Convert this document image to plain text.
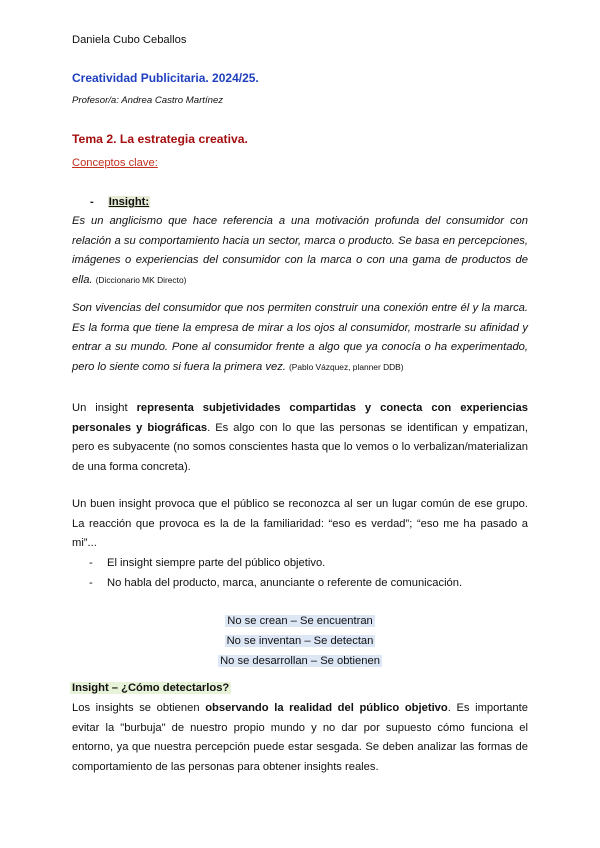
Daniela Cubo Ceballos
Creatividad Publicitaria. 2024/25.
Profesor/a: Andrea Castro Martínez
Tema 2. La estrategia creativa.
Conceptos clave:
- Insight:
Es un anglicismo que hace referencia a una motivación profunda del consumidor con relación a su comportamiento hacia un sector, marca o producto. Se basa en percepciones, imágenes o experiencias del consumidor con la marca o con una gama de productos de ella. (Diccionario MK Directo)
Son vivencias del consumidor que nos permiten construir una conexión entre él y la marca. Es la forma que tiene la empresa de mirar a los ojos al consumidor, mostrarle su afinidad y entrar a su mundo. Pone al consumidor frente a algo que ya conocía o ha experimentado, pero lo siente como si fuera la primera vez. (Pablo Vázquez, planner DDB)
Un insight representa subjetividades compartidas y conecta con experiencias personales y biográficas. Es algo con lo que las personas se identifican y empatizan, pero es subyacente (no somos conscientes hasta que lo vemos o lo verbalizan/materializan de una forma concreta).
Un buen insight provoca que el público se reconozca al ser un lugar común de ese grupo. La reacción que provoca es la de la familiaridad: “eso es verdad”; “eso me ha pasado a mi”...
- El insight siempre parte del público objetivo.
- No habla del producto, marca, anunciante o referente de comunicación.
No se crean – Se encuentran
No se inventan – Se detectan
No se desarrollan – Se obtienen
Insight – ¿Cómo detectarlos?
Los insights se obtienen observando la realidad del público objetivo. Es importante evitar la "burbuja" de nuestro propio mundo y no dar por supuesto cómo funciona el entorno, ya que nuestra percepción puede estar sesgada. Se deben analizar las formas de comportamiento de las personas para obtener insights reales.
